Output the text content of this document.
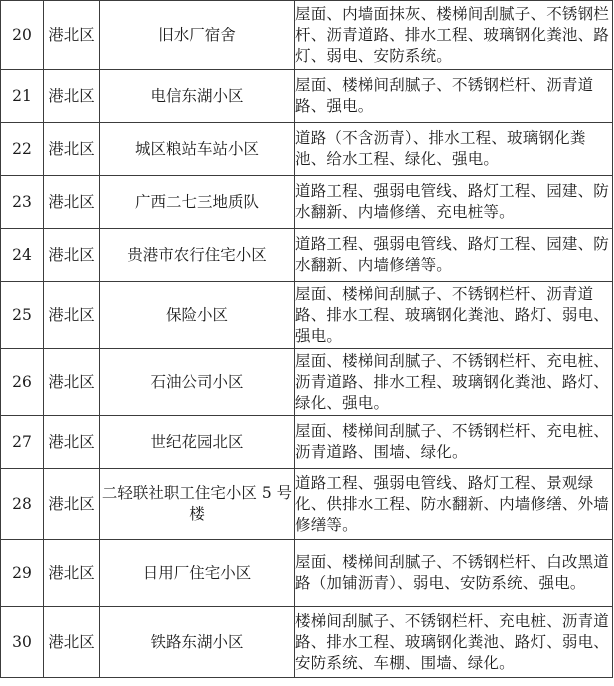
20	港北区	旧水厂宿舍	屋面、内墙面抹灰、楼梯间刮腻子、不锈钢栏杆、沥青道路、排水工程、玻璃钢化粪池、路灯、弱电、安防系统。
21	港北区	电信东湖小区	屋面、楼梯间刮腻子、不锈钢栏杆、沥青道路、强电。
22	港北区	城区粮站车站小区	道路（不含沥青）、排水工程、玻璃钢化粪池、给水工程、绿化、强电。
23	港北区	广西二七三地质队	道路工程、强弱电管线、路灯工程、园建、防水翻新、内墙修缮、充电桩等。
24	港北区	贵港市农行住宅小区	道路工程、强弱电管线、路灯工程、园建、防水翻新、内墙修缮等。
25	港北区	保险小区	屋面、楼梯间刮腻子、不锈钢栏杆、沥青道路、排水工程、玻璃钢化粪池、路灯、弱电、强电。
26	港北区	石油公司小区	屋面、楼梯间刮腻子、不锈钢栏杆、充电桩、沥青道路、排水工程、玻璃钢化粪池、路灯、绿化、强电。
27	港北区	世纪花园北区	屋面、楼梯间刮腻子、不锈钢栏杆、充电桩、沥青道路、围墙、绿化。
28	港北区	二轻联社职工住宅小区 5 号楼	道路工程、强弱电管线、路灯工程、景观绿化、供排水工程、防水翻新、内墙修缮、外墙修缮等。
29	港北区	日用厂住宅小区	屋面、楼梯间刮腻子、不锈钢栏杆、白改黑道路（加铺沥青）、弱电、安防系统、强电。
30	港北区	铁路东湖小区	楼梯间刮腻子、不锈钢栏杆、充电桩、沥青道路、排水工程、玻璃钢化粪池、路灯、弱电、安防系统、车棚、围墙、绿化。
